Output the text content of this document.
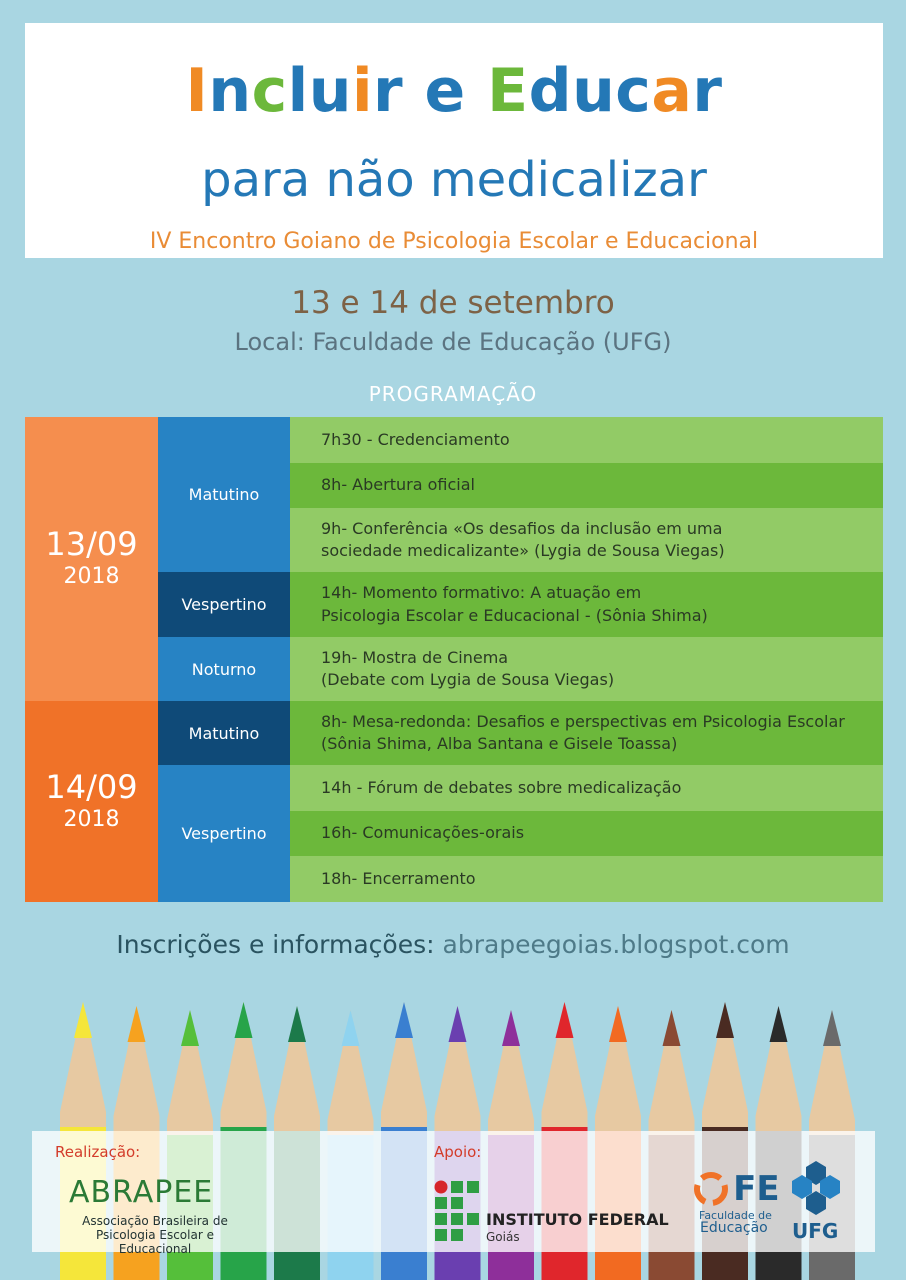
Incluir e Educar
para não medicalizar
IV Encontro Goiano de Psicologia Escolar e Educacional
13 e 14 de setembro
Local: Faculdade de Educação (UFG)
PROGRAMAÇÃO
13/09
2018
14/09
2018
Matutino
Vespertino
Noturno
Matutino
Vespertino
7h30 - Credenciamento
8h- Abertura oficial
9h- Conferência «Os desafios da inclusão em uma
sociedade medicalizante» (Lygia de Sousa Viegas)
14h- Momento formativo: A atuação em
Psicologia Escolar e Educacional - (Sônia Shima)
19h- Mostra de Cinema
(Debate com Lygia de Sousa Viegas)
8h- Mesa-redonda: Desafios e perspectivas em Psicologia Escolar
(Sônia Shima, Alba Santana e Gisele Toassa)
14h - Fórum de debates sobre medicalização
16h- Comunicações-orais
18h- Encerramento
Inscrições e informações: abrapeegoias.blogspot.com
Realização:	Apoio:
ABRAPEE
Associação Brasileira de Psicologia Escolar e Educacional
INSTITUTO FEDERAL
Goiás
FE
Faculdade de
Educação UFG
